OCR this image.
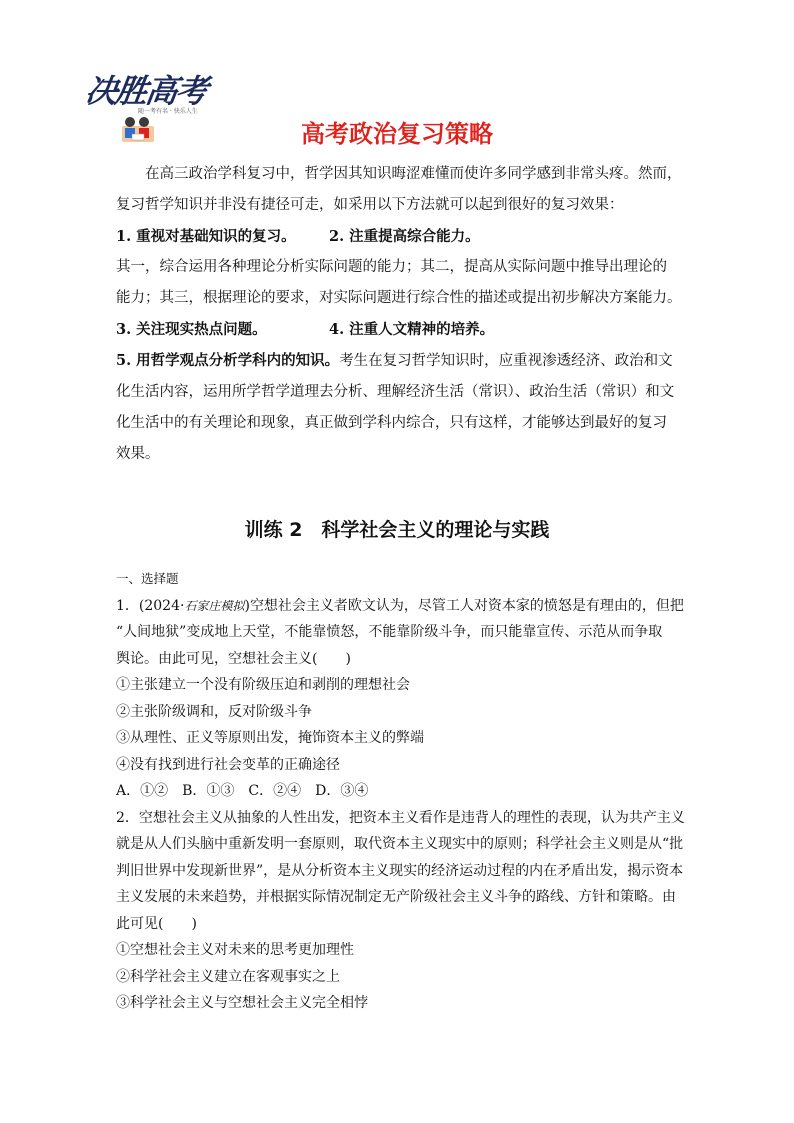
决胜高考
随一考有名 · 快乐人生
高考政治复习策略

在高三政治学科复习中，哲学因其知识晦涩难懂而使许多同学感到非常头疼。然而，

复习哲学知识并非没有捷径可走，如采用以下方法就可以起到很好的复习效果：

1. 重视对基础知识的复习。 2. 注重提高综合能力。

其一，综合运用各种理论分析实际问题的能力；其二，提高从实际问题中推导出理论的

能力；其三，根据理论的要求，对实际问题进行综合性的描述或提出初步解决方案能力。

3. 关注现实热点问题。	4. 注重人文精神的培养。

5. 用哲学观点分析学科内的知识。考生在复习哲学知识时，应重视渗透经济、政治和文

化生活内容，运用所学哲学道理去分析、理解经济生活（常识）、政治生活（常识）和文

化生活中的有关理论和现象，真正做到学科内综合，只有这样，才能够达到最好的复习

效果。

训练 2　科学社会主义的理论与实践

一、选择题

1．(2024·石家庄模拟)空想社会主义者欧文认为，尽管工人对资本家的愤怒是有理由的，但把

“人间地狱”变成地上天堂，不能靠愤怒，不能靠阶级斗争，而只能靠宣传、示范从而争取

舆论。由此可见，空想社会主义(　　)

①主张建立一个没有阶级压迫和剥削的理想社会

②主张阶级调和，反对阶级斗争

③从理性、正义等原则出发，掩饰资本主义的弊端

④没有找到进行社会变革的正确途径

A．①②　B．①③　C．②④　D．③④

2．空想社会主义从抽象的人性出发，把资本主义看作是违背人的理性的表现，认为共产主义

就是从人们头脑中重新发明一套原则，取代资本主义现实中的原则；科学社会主义则是从“批

判旧世界中发现新世界”，是从分析资本主义现实的经济运动过程的内在矛盾出发，揭示资本

主义发展的未来趋势，并根据实际情况制定无产阶级社会主义斗争的路线、方针和策略。由

此可见(　　)

①空想社会主义对未来的思考更加理性

②科学社会主义建立在客观事实之上

③科学社会主义与空想社会主义完全相悖
